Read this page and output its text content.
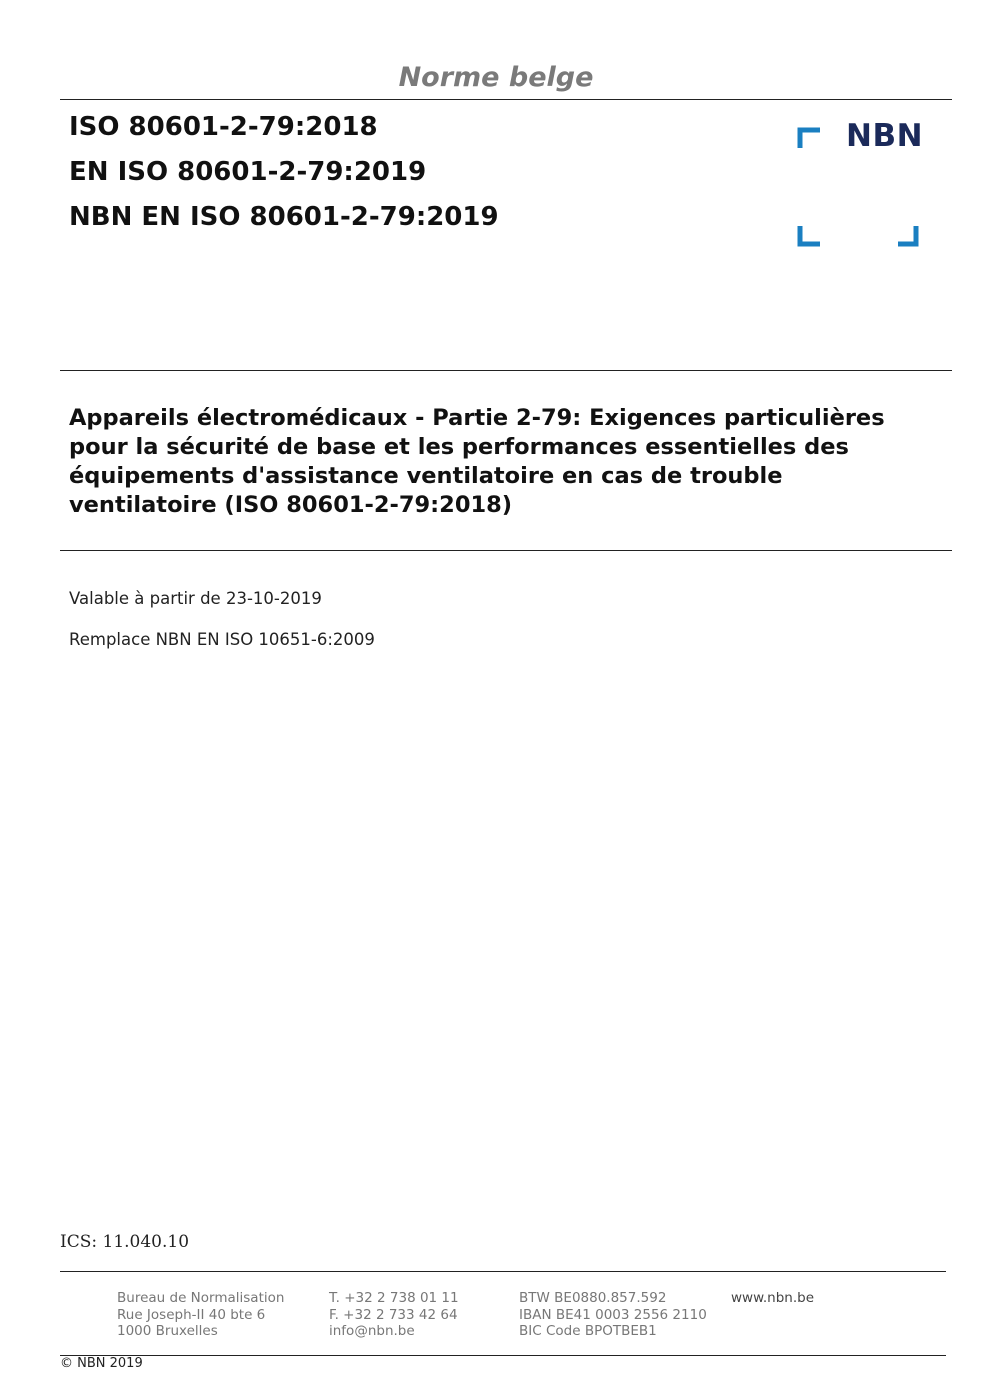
Norme belge
ISO 80601-2-79:2018
EN ISO 80601-2-79:2019
NBN EN ISO 80601-2-79:2019
NBN
Appareils électromédicaux - Partie 2-79: Exigences particulières
pour la sécurité de base et les performances essentielles des
équipements d'assistance ventilatoire en cas de trouble
ventilatoire (ISO 80601-2-79:2018)
Valable à partir de 23-10-2019
Remplace NBN EN ISO 10651-6:2009
ICS: 11.040.10
Bureau de Normalisation
Rue Joseph-II 40 bte 6
1000 Bruxelles
T. +32 2 738 01 11
F. +32 2 733 42 64
info@nbn.be
BTW BE0880.857.592
IBAN BE41 0003 2556 2110
BIC Code BPOTBEB1
www.nbn.be
© NBN 2019
